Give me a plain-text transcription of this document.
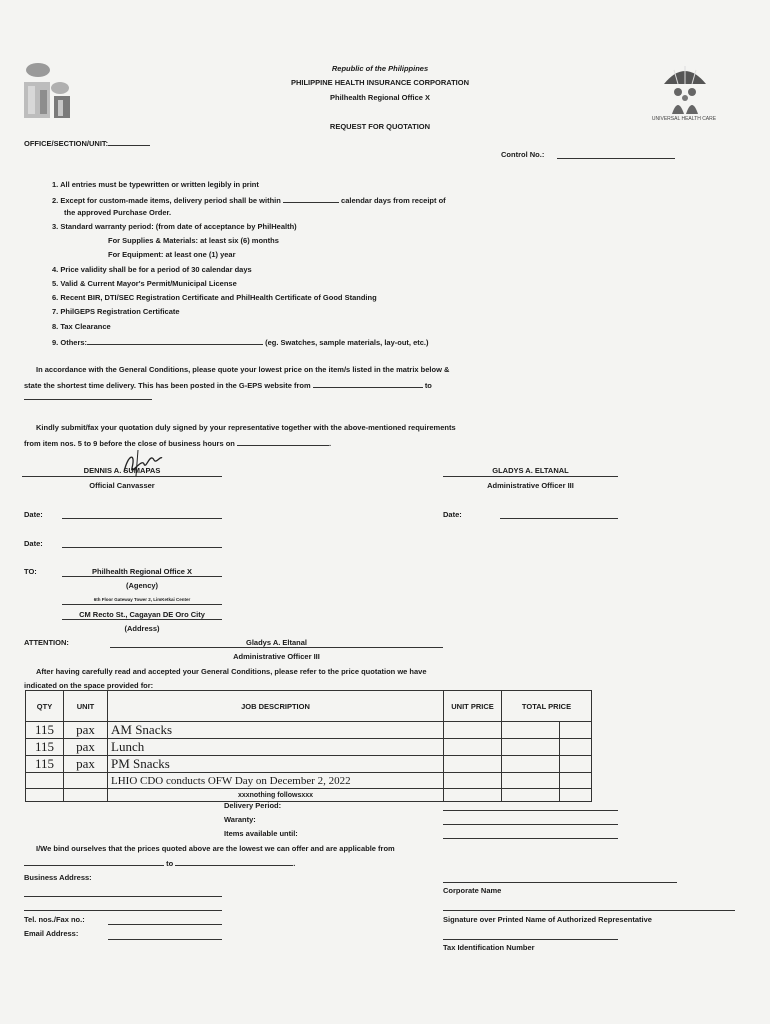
UNIVERSAL HEALTH CARE
Republic of the Philippines
PHILIPPINE HEALTH INSURANCE CORPORATION
Philhealth Regional Office X
REQUEST FOR QUOTATION
OFFICE/SECTION/UNIT:
Control No.:
1. All entries must be typewritten or written legibly in print
2. Except for custom-made items, delivery period shall be within	calendar days from receipt of
the approved Purchase Order.
3. Standard warranty period: (from date of acceptance by PhilHealth)
For Supplies & Materials: at least six (6) months
For Equipment: at least one (1) year
4. Price validity shall be for a period of 30 calendar days
5. Valid & Current Mayor's Permit/Municipal License
6. Recent BIR, DTI/SEC Registration Certificate and PhilHealth Certificate of Good Standing
7. PhilGEPS Registration Certificate
8. Tax Clearance
9. Others:	(eg. Swatches, sample materials, lay-out, etc.)
In accordance with the General Conditions, please quote your lowest price on the item/s listed in the matrix below &
state the shortest time delivery. This has been posted in the G-EPS website from	to
Kindly submit/fax your quotation duly signed by your representative together with the above-mentioned requirements
from item nos. 5 to 9 before the close of business hours on	.
DENNIS A. SUMAPAS
Official Canvasser
GLADYS A. ELTANAL
Administrative Officer III
Date:	Date:
Date:
TO:	Philhealth Regional Office X
(Agency)
6th Floor Gateway Tower 2, LimKetkai Center
CM Recto St., Cagayan DE Oro City
(Address)
ATTENTION:	Gladys A. Eltanal
Administrative Officer III
After having carefully read and accepted your General Conditions, please refer to the price quotation we have
indicated on the space provided for:
QTY	UNIT	JOB DESCRIPTION	UNIT PRICE	TOTAL PRICE	
115	pax	AM Snacks			
115	pax	Lunch			
115	pax	PM Snacks			
		LHIO CDO conducts OFW Day on December 2, 2022			
		xxxnothing followsxxx			
Delivery Period:
Waranty:
Items available until:
I/We bind ourselves that the prices quoted above are the lowest we can offer and are applicable from
to	.
Business Address:
Corporate Name
Tel. nos./Fax no.:	Signature over Printed Name of Authorized Representative
Email Address:
Tax Identification Number
